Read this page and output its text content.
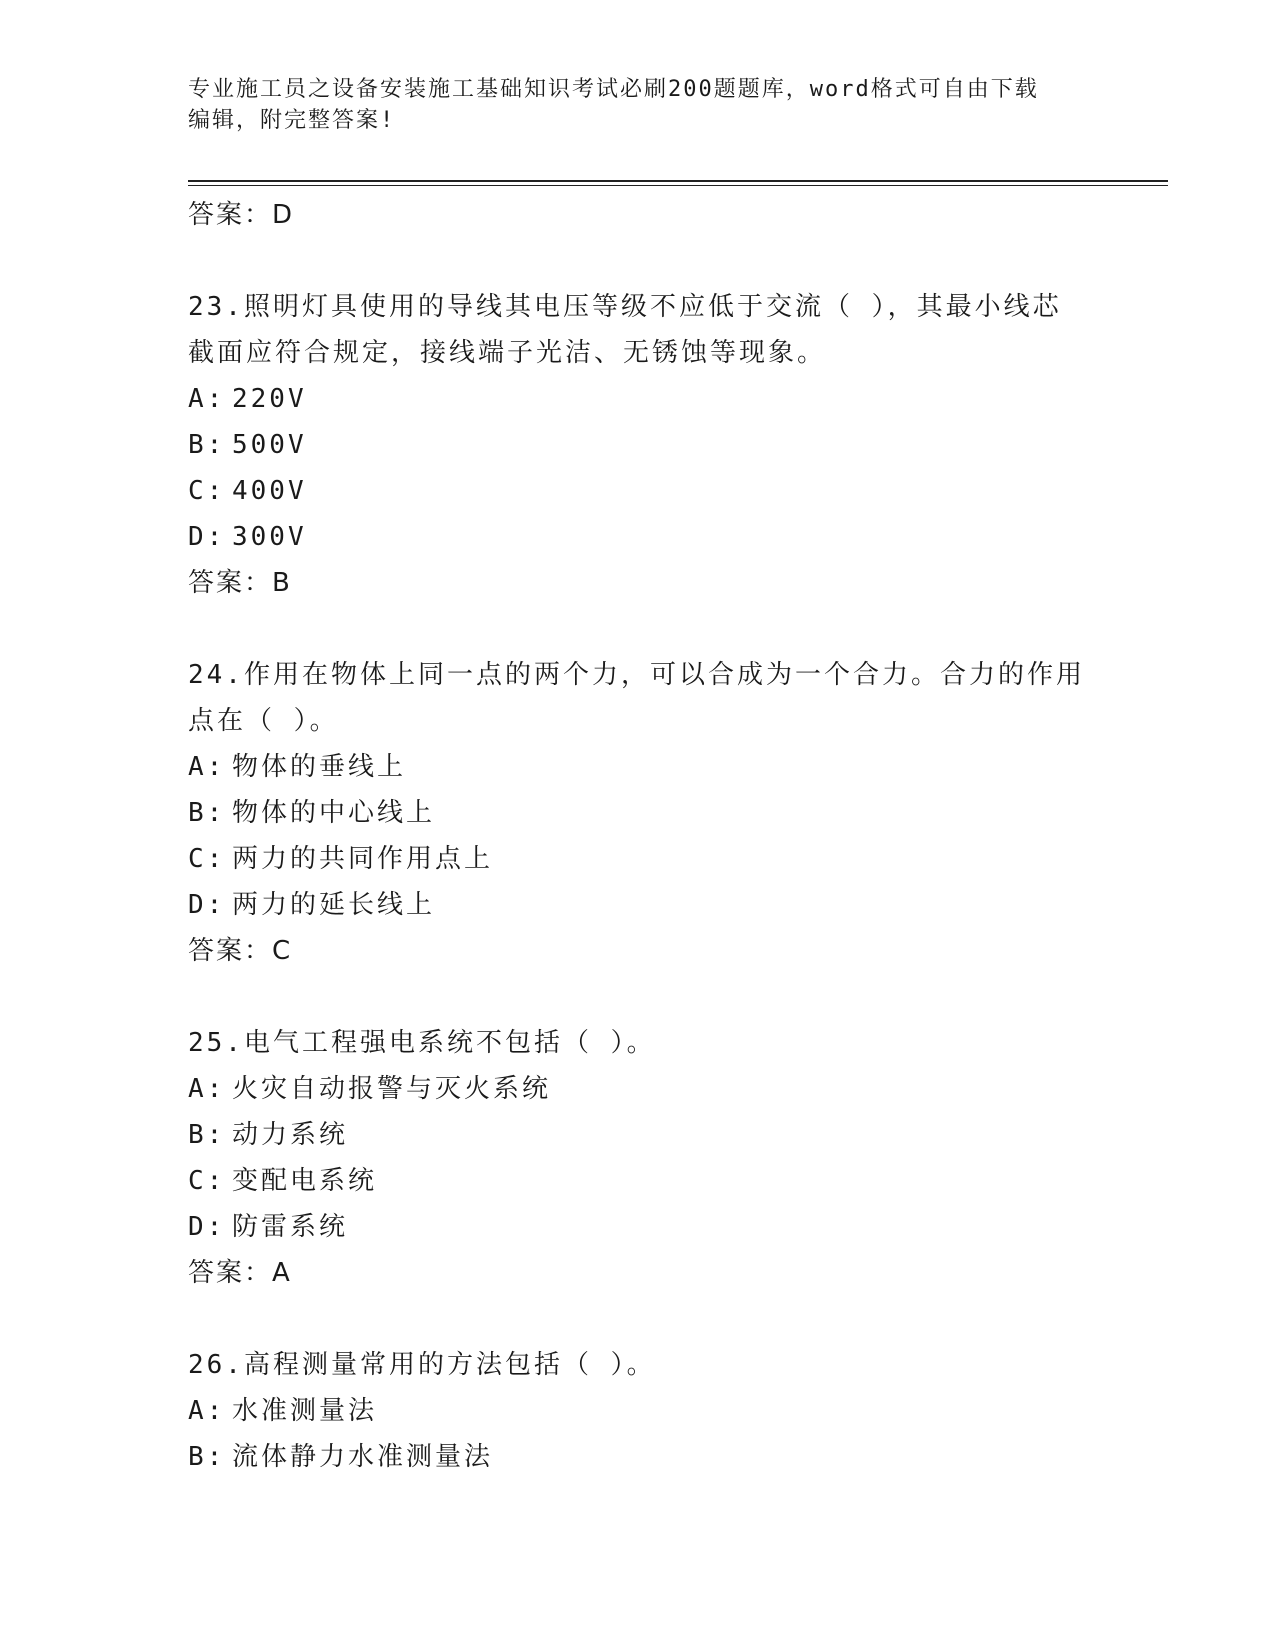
专业施工员之设备安装施工基础知识考试必刷200题题库，word格式可自由下载
编辑，附完整答案!
答案：D
23.照明灯具使用的导线其电压等级不应低于交流（ ），其最小线芯
截面应符合规定，接线端子光洁、无锈蚀等现象。
A: 220V
B: 500V
C: 400V
D: 300V
答案：B
24.作用在物体上同一点的两个力，可以合成为一个合力。合力的作用
点在（ ）。
A: 物体的垂线上
B: 物体的中心线上
C: 两力的共同作用点上
D: 两力的延长线上
答案：C
25.电气工程强电系统不包括（ ）。
A: 火灾自动报警与灭火系统
B: 动力系统
C: 变配电系统
D: 防雷系统
答案：A
26.高程测量常用的方法包括（ ）。
A: 水准测量法
B: 流体静力水准测量法
